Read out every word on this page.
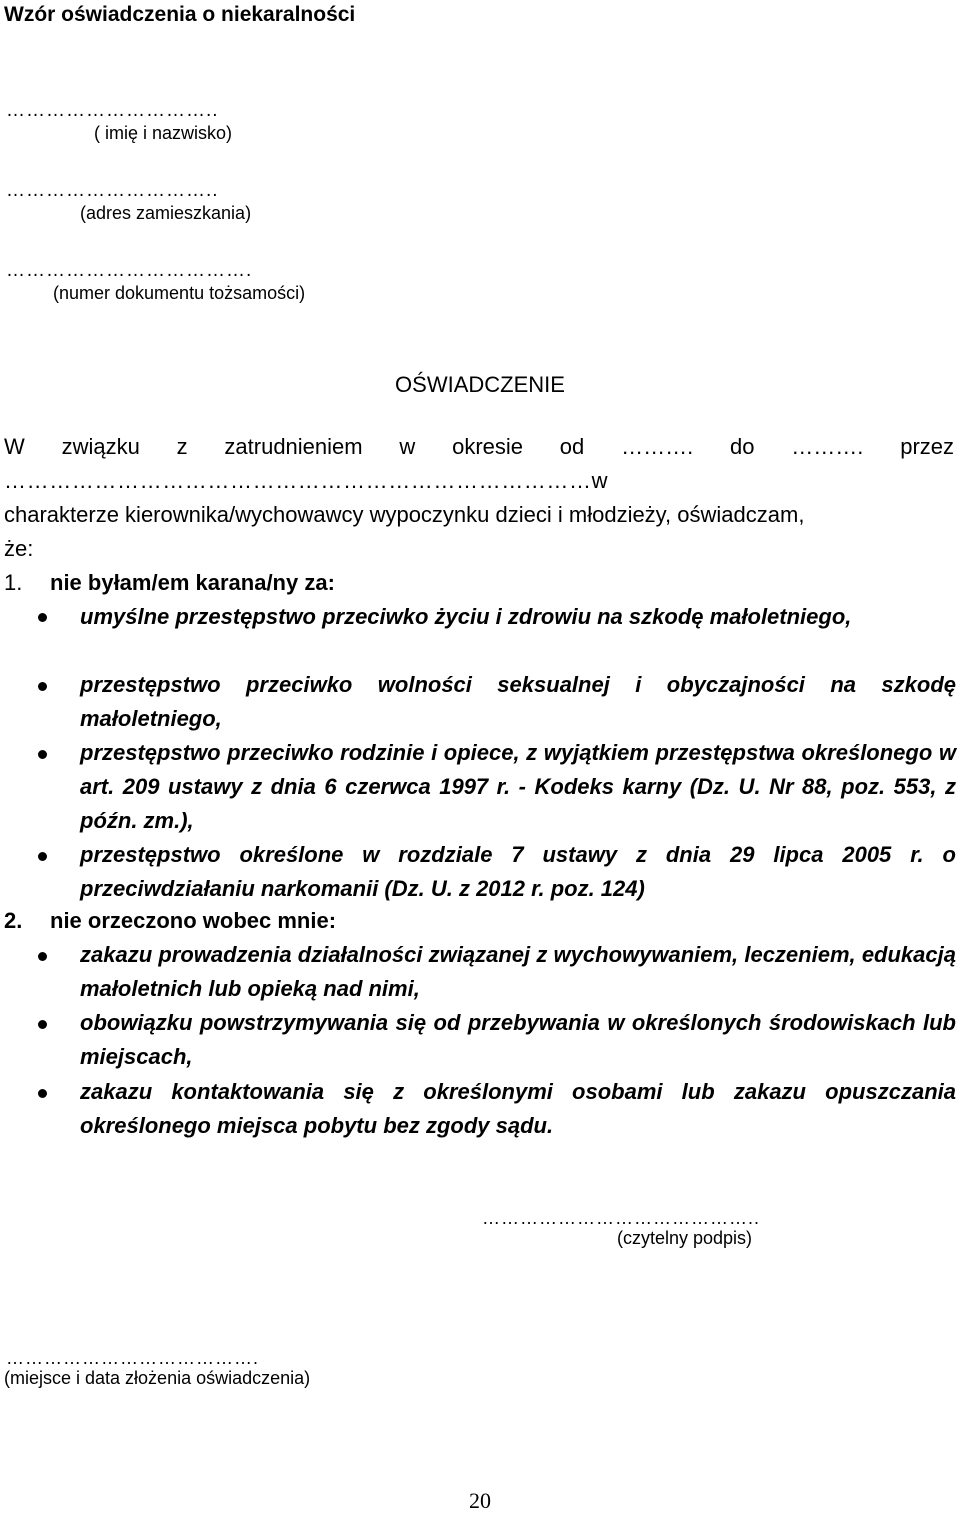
Wzór oświadczenia o niekaralności
…………………………..
( imię i nazwisko)
…………………………..
(adres zamieszkania)
……………………………….
(numer dokumentu tożsamości)
OŚWIADCZENIE
W związku z zatrudnieniem w okresie od ………. do ………. przez
……………………………………………………………………w
charakterze kierownika/wychowawcy wypoczynku dzieci i młodzieży, oświadczam,
że:
1. nie byłam/em karana/ny za:
umyślne przestępstwo przeciwko życiu i zdrowiu na szkodę małoletniego,
przestępstwo przeciwko wolności seksualnej i obyczajności na szkodę małoletniego,
przestępstwo przeciwko rodzinie i opiece, z wyjątkiem przestępstwa określonego w art. 209 ustawy z dnia 6 czerwca 1997 r. - Kodeks karny (Dz. U. Nr 88, poz. 553, z późn. zm.),
przestępstwo określone w rozdziale 7 ustawy z dnia 29 lipca 2005 r. o przeciwdziałaniu narkomanii (Dz. U. z 2012 r. poz. 124)
2. nie orzeczono wobec mnie:
zakazu prowadzenia działalności związanej z wychowywaniem, leczeniem, edukacją małoletnich lub opieką nad nimi,
obowiązku powstrzymywania się od przebywania w określonych środowiskach lub miejscach,
zakazu kontaktowania się z określonymi osobami lub zakazu opuszczania określonego miejsca pobytu bez zgody sądu.
……………………………………..
(czytelny podpis)
………………………………….
(miejsce i data złożenia oświadczenia)
20
